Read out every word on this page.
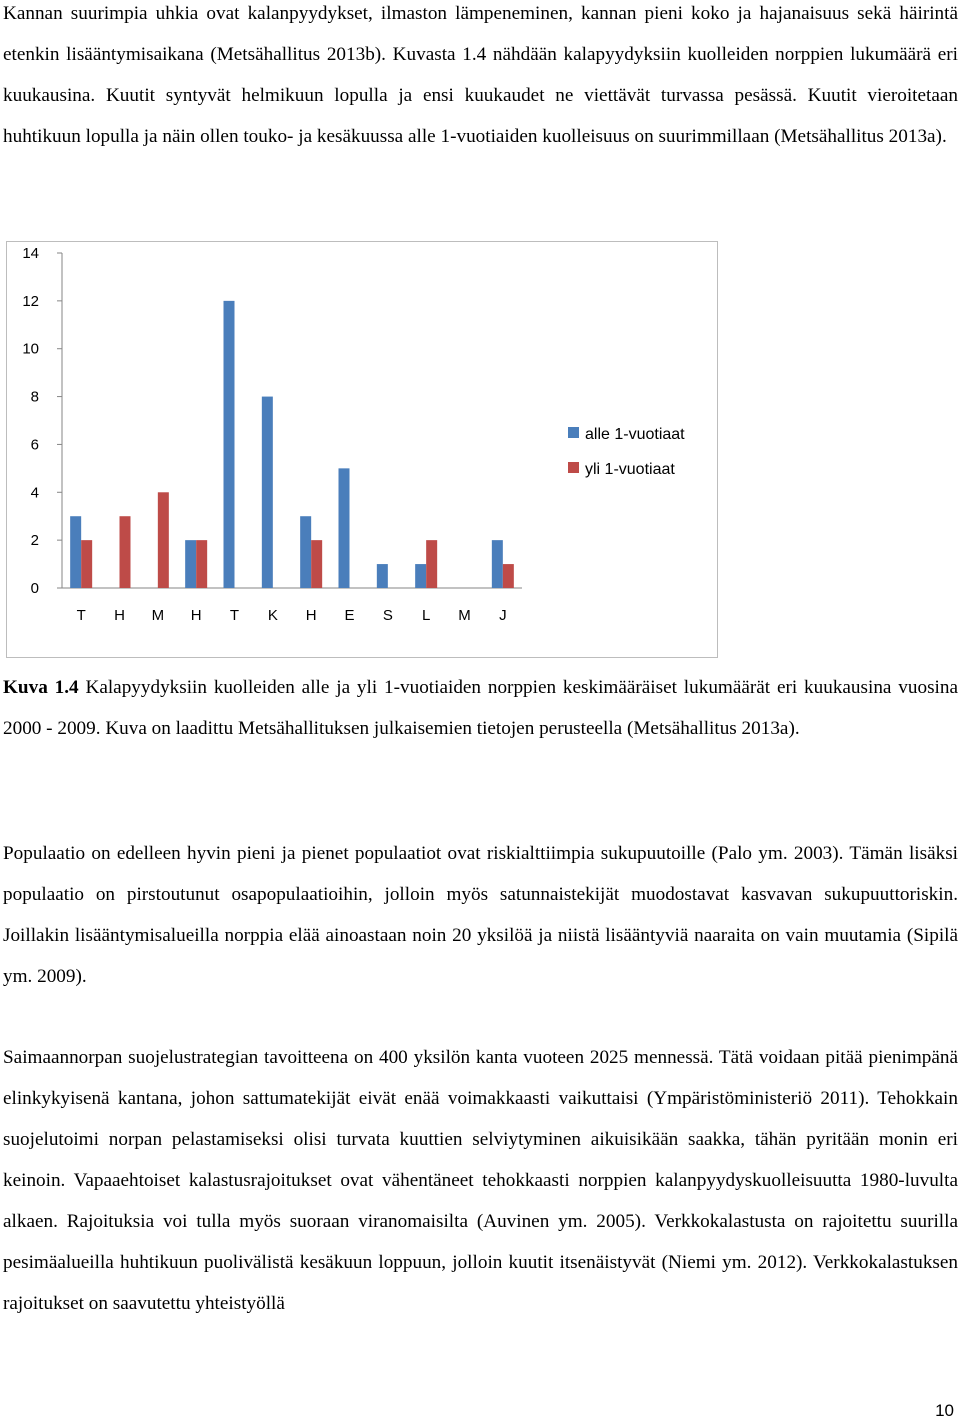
Kannan suurimpia uhkia ovat kalanpyydykset, ilmaston lämpeneminen, kannan pieni koko ja hajanaisuus sekä häirintä etenkin lisääntymisaikana (Metsähallitus 2013b). Kuvasta 1.4 nähdään kalapyydyksiin kuolleiden norppien lukumäärä eri kuukausina. Kuutit syntyvät helmikuun lopulla ja ensi kuukaudet ne viettävät turvassa pesässä. Kuutit vieroitetaan huhtikuun lopulla ja näin ollen touko- ja kesäkuussa alle 1-vuotiaiden kuolleisuus on suurimmillaan (Metsähallitus 2013a).

0
2
4
6
8
10
12
14
T H M H T K H E S L M J
alle 1-vuotiaat
yli 1-vuotiaat

Kuva 1.4 Kalapyydyksiin kuolleiden alle ja yli 1-vuotiaiden norppien keskimääräiset lukumäärät eri kuukausina vuosina 2000 - 2009. Kuva on laadittu Metsähallituksen julkaisemien tietojen perusteella (Metsähallitus 2013a).

Populaatio on edelleen hyvin pieni ja pienet populaatiot ovat riskialttiimpia sukupuutoille (Palo ym. 2003). Tämän lisäksi populaatio on pirstoutunut osapopulaatioihin, jolloin myös satunnaistekijät muodostavat kasvavan sukupuuttoriskin. Joillakin lisääntymisalueilla norppia elää ainoastaan noin 20 yksilöä ja niistä lisääntyviä naaraita on vain muutamia (Sipilä ym. 2009).

Saimaannorpan suojelustrategian tavoitteena on 400 yksilön kanta vuoteen 2025 mennessä. Tätä voidaan pitää pienimpänä elinkykyisenä kantana, johon sattumatekijät eivät enää voimakkaasti vaikuttaisi (Ympäristöministeriö 2011). Tehokkain suojelutoimi norpan pelastamiseksi olisi turvata kuuttien selviytyminen aikuisikään saakka, tähän pyritään monin eri keinoin. Vapaaehtoiset kalastusrajoitukset ovat vähentäneet tehokkaasti norppien kalanpyydyskuolleisuutta 1980-luvulta alkaen. Rajoituksia voi tulla myös suoraan viranomaisilta (Auvinen ym. 2005). Verkkokalastusta on rajoitettu suurilla pesimäalueilla huhtikuun puolivälistä kesäkuun loppuun, jolloin kuutit itsenäistyvät (Niemi ym. 2012). Verkkokalastuksen rajoitukset on saavutettu yhteistyöllä

10
